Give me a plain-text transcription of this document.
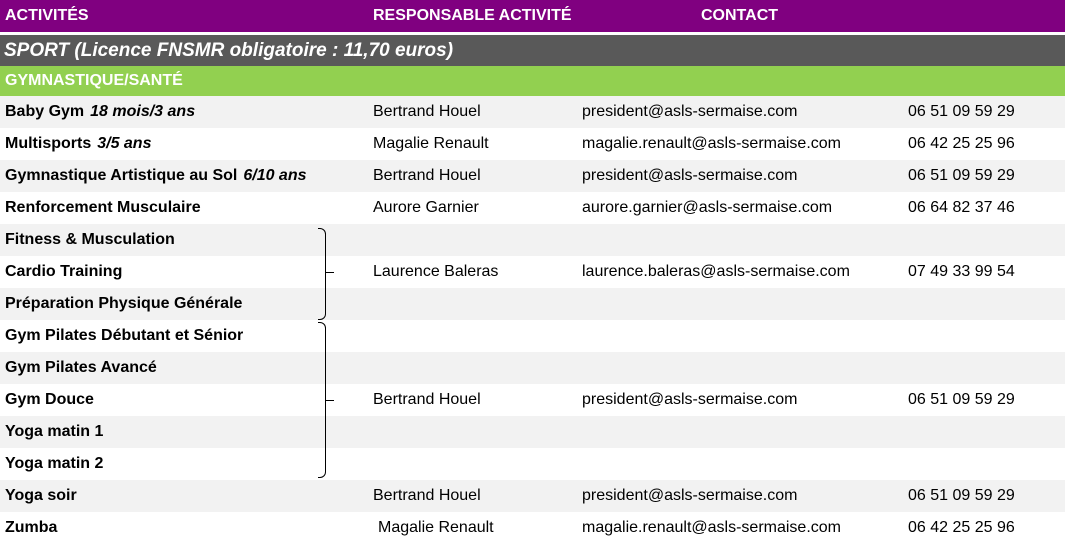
ACTIVITÉS	RESPONSABLE ACTIVITÉ	CONTACT
SPORT (Licence FNSMR obligatoire : 11,70 euros)
GYMNASTIQUE/SANTÉ
Baby Gym 18 mois/3 ans	Bertrand Houel	president@asls-sermaise.com	06 51 09 59 29
Multisports 3/5 ans	Magalie Renault	magalie.renault@asls-sermaise.com	06 42 25 25 96
Gymnastique Artistique au Sol 6/10 ans	Bertrand Houel	president@asls-sermaise.com	06 51 09 59 29
Renforcement Musculaire	Aurore Garnier	aurore.garnier@asls-sermaise.com	06 64 82 37 46
Fitness & Musculation
Cardio Training	Laurence Baleras	laurence.baleras@asls-sermaise.com	07 49 33 99 54
Préparation Physique Générale
Gym Pilates Débutant et Sénior
Gym Pilates Avancé
Gym Douce	Bertrand Houel	president@asls-sermaise.com	06 51 09 59 29
Yoga matin 1
Yoga matin 2
Yoga soir	Bertrand Houel	president@asls-sermaise.com	06 51 09 59 29
Zumba	Magalie Renault	magalie.renault@asls-sermaise.com	06 42 25 25 96
